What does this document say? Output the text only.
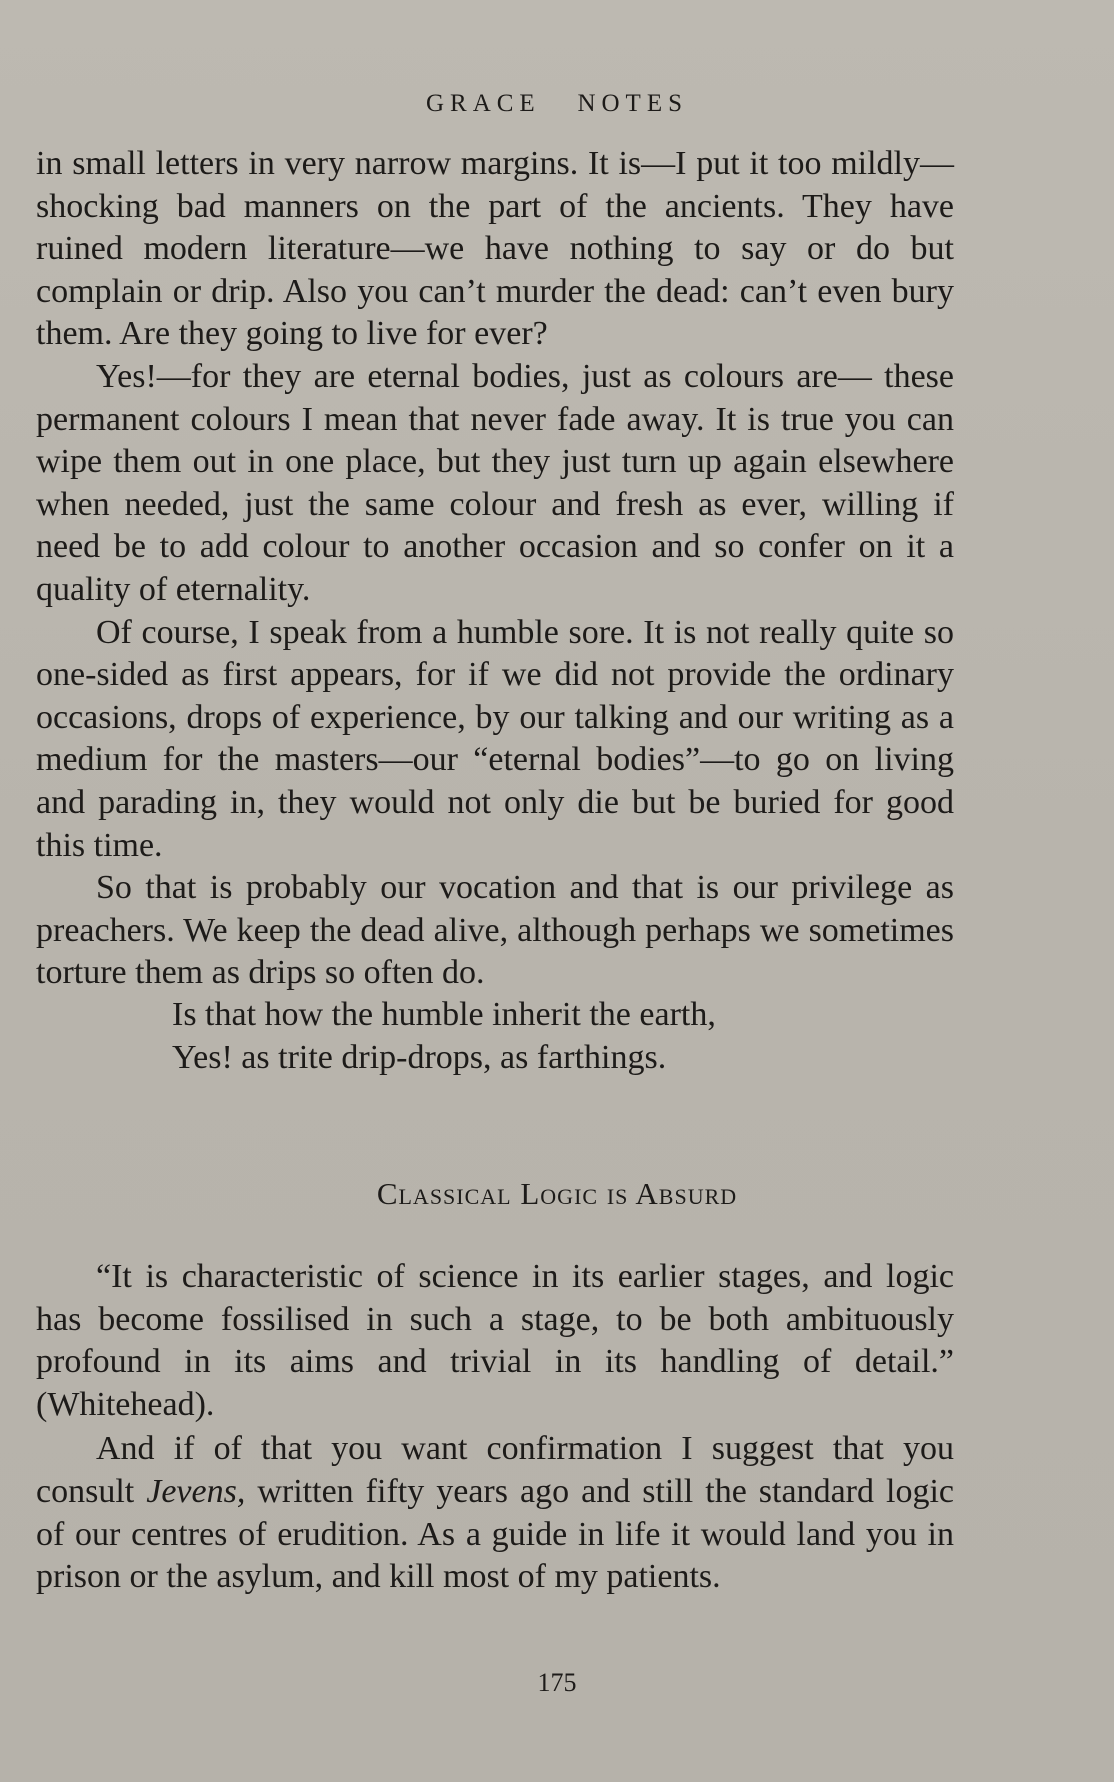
GRACE   NOTES

in small letters in very narrow margins. It is—I put it too mildly—shocking bad manners on the part of the ancients. They have ruined modern literature—we have nothing to say or do but complain or drip. Also you can’t murder the dead: can’t even bury them. Are they going to live for ever?

Yes!—for they are eternal bodies, just as colours are— these permanent colours I mean that never fade away. It is true you can wipe them out in one place, but they just turn up again elsewhere when needed, just the same colour and fresh as ever, willing if need be to add colour to another occasion and so confer on it a quality of eternality.

Of course, I speak from a humble sore. It is not really quite so one-sided as first appears, for if we did not provide the ordinary occasions, drops of experience, by our talking and our writing as a medium for the masters—our “eternal bodies”—to go on living and parading in, they would not only die but be buried for good this time.

So that is probably our vocation and that is our privilege as preachers. We keep the dead alive, although perhaps we sometimes torture them as drips so often do.

Is that how the humble inherit the earth,
Yes! as trite drip-drops, as farthings.
Classical Logic is Absurd

“It is characteristic of science in its earlier stages, and logic has become fossilised in such a stage, to be both ambituously profound in its aims and trivial in its handling of detail.” (Whitehead).

And if of that you want confirmation I suggest that you consult Jevens, written fifty years ago and still the standard logic of our centres of erudition. As a guide in life it would land you in prison or the asylum, and kill most of my patients.

175
